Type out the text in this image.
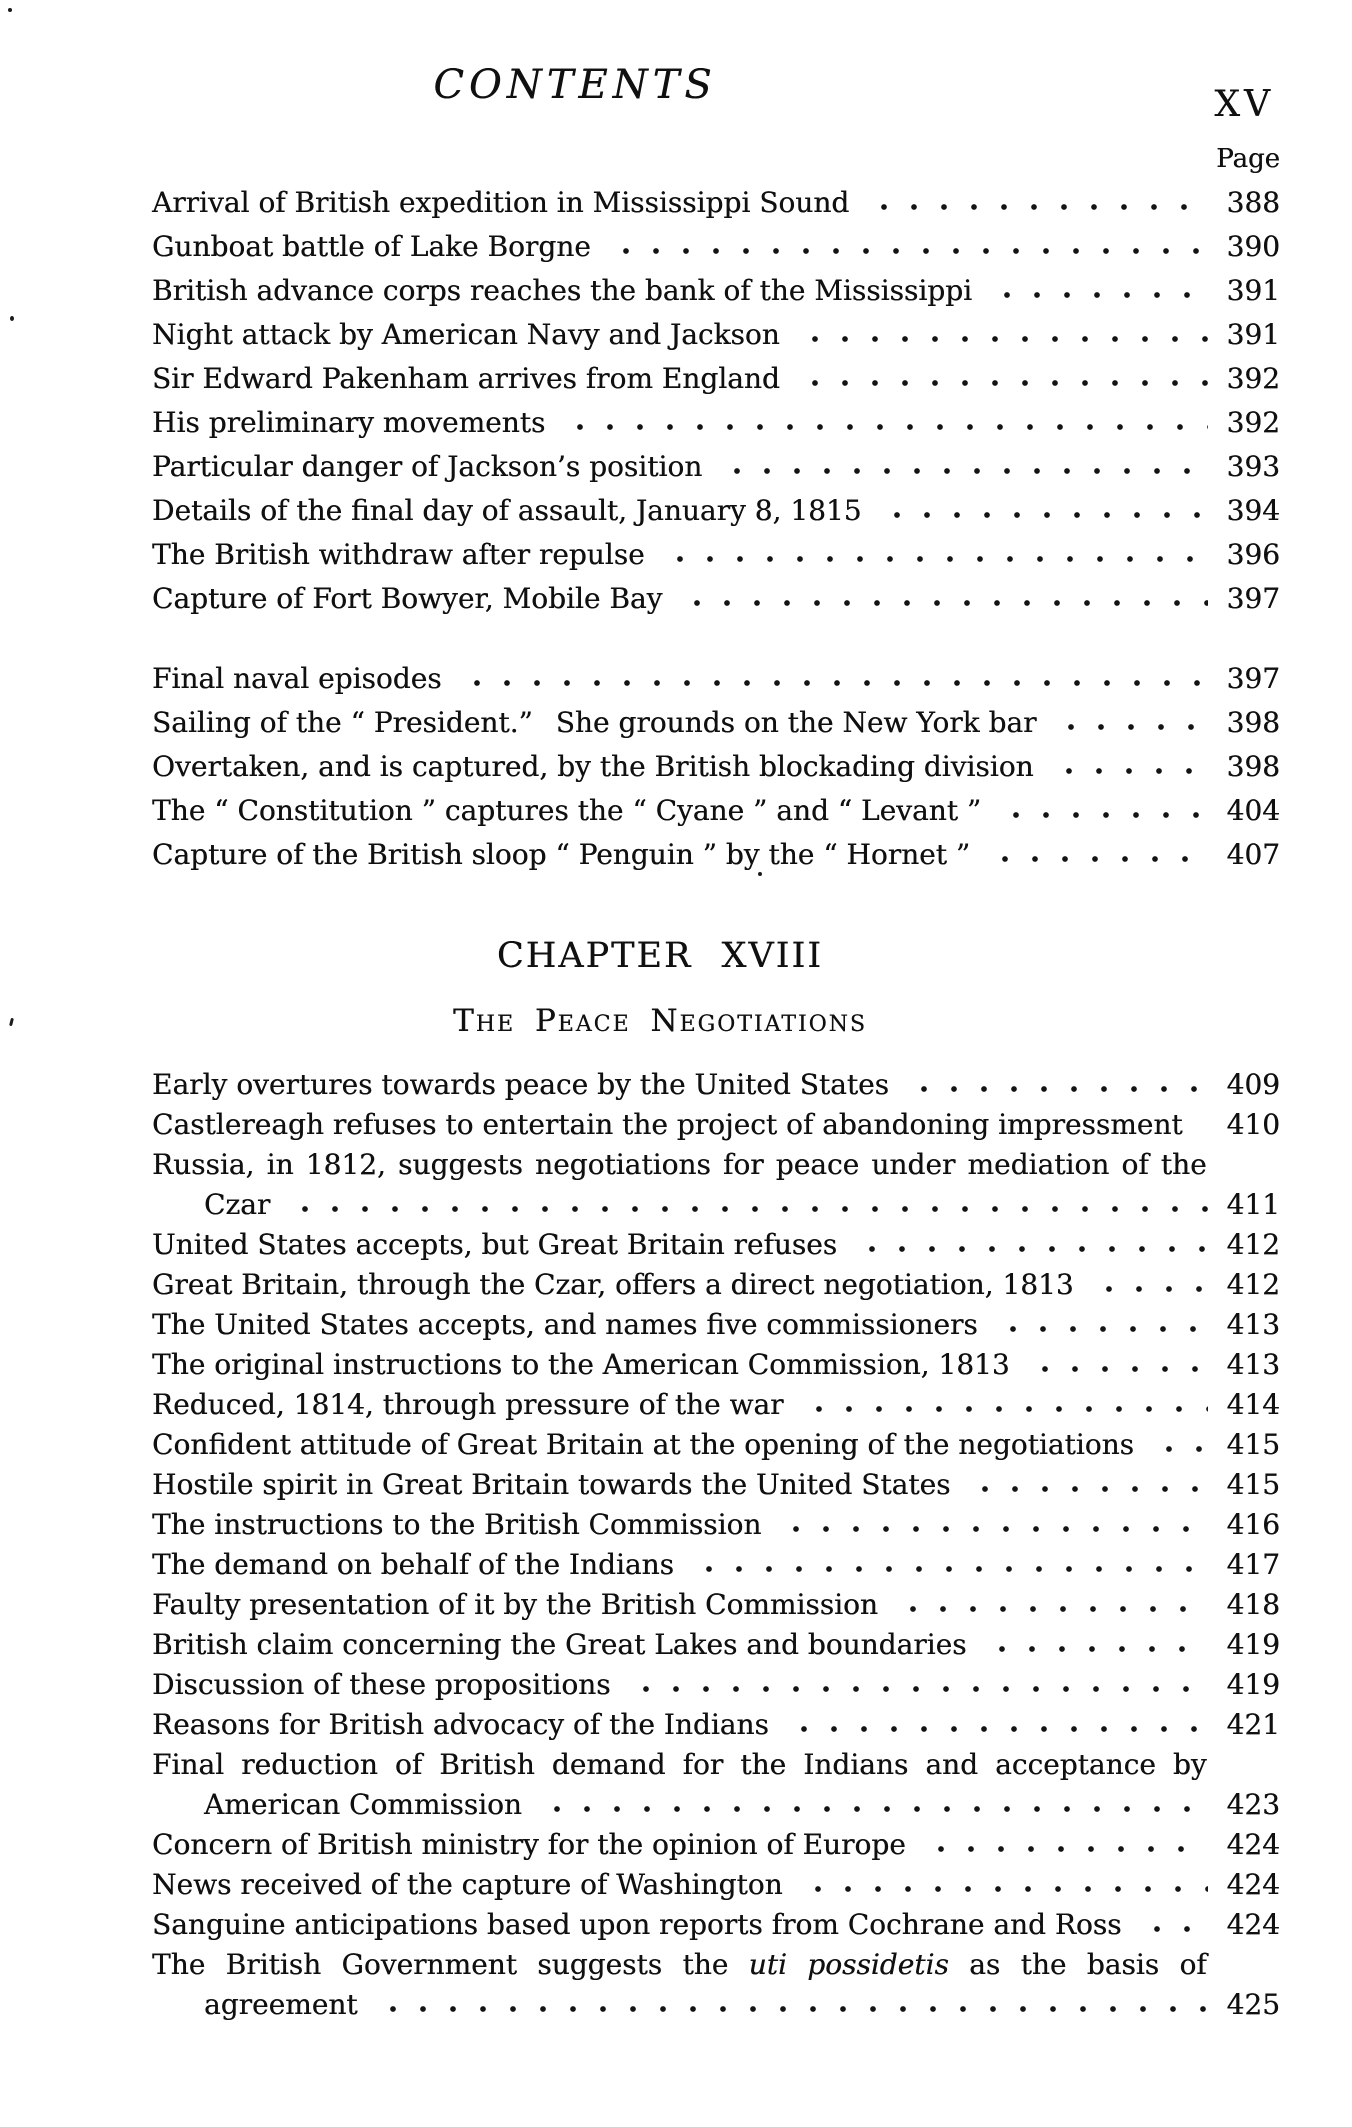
CONTENTS	XV
Page
Arrival of British expedition in Mississippi Sound	388
Gunboat battle of Lake Borgne	390
British advance corps reaches the bank of the Mississippi	391
Night attack by American Navy and Jackson	391
Sir Edward Pakenham arrives from England	392
His preliminary movements	392
Particular danger of Jackson’s position	393
Details of the final day of assault, January 8, 1815	394
The British withdraw after repulse	396
Capture of Fort Bowyer, Mobile Bay	397
Final naval episodes	397
Sailing of the “ President.”  She grounds on the New York bar	398
Overtaken, and is captured, by the British blockading division	398
The “ Constitution ” captures the “ Cyane ” and “ Levant ”	404
Capture of the British sloop “ Penguin ” by the “ Hornet ”	407
CHAPTER XVIII
The Peace Negotiations
Early overtures towards peace by the United States	409
Castlereagh refuses to entertain the project of abandoning impressment 410
Russia, in 1812, suggests negotiations for peace under mediation of the
Czar	411
United States accepts, but Great Britain refuses	412
Great Britain, through the Czar, offers a direct negotiation, 1813	412
The United States accepts, and names five commissioners	413
The original instructions to the American Commission, 1813	413
Reduced, 1814, through pressure of the war	414
Confident attitude of Great Britain at the opening of the negotiations	415
Hostile spirit in Great Britain towards the United States	415
The instructions to the British Commission	416
The demand on behalf of the Indians	417
Faulty presentation of it by the British Commission	418
British claim concerning the Great Lakes and boundaries	419
Discussion of these propositions	419
Reasons for British advocacy of the Indians	421
Final reduction of British demand for the Indians and acceptance by
American Commission	423
Concern of British ministry for the opinion of Europe	424
News received of the capture of Washington	424
Sanguine anticipations based upon reports from Cochrane and Ross	424
The British Government suggests the uti possidetis as the basis of
agreement	425
